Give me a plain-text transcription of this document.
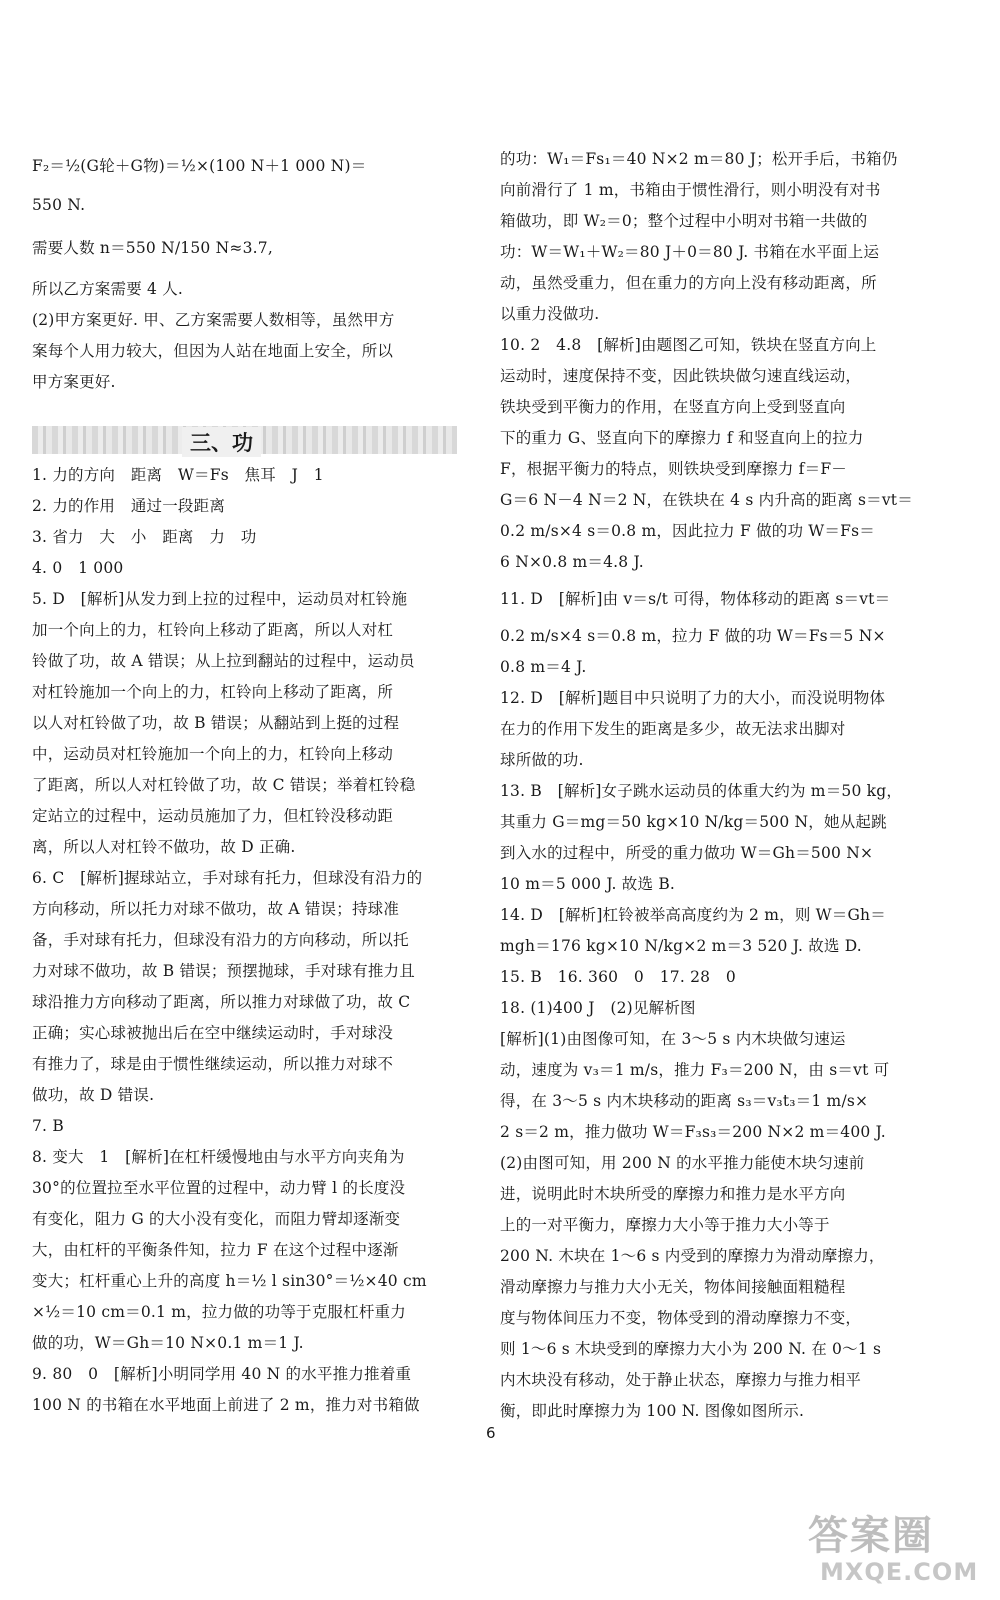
F₂＝½(G轮＋G物)＝½×(100 N＋1 000 N)＝
550 N.
需要人数 n＝550 N/150 N≈3.7,
所以乙方案需要 4 人.
(2)甲方案更好. 甲、乙方案需要人数相等，虽然甲方
案每个人用力较大，但因为人站在地面上安全，所以
甲方案更好.
三、功
1. 力的方向　距离　W＝Fs　焦耳　J　1
2. 力的作用　通过一段距离
3. 省力　大　小　距离　力　功
4. 0　1 000
5. D　[解析]从发力到上拉的过程中，运动员对杠铃施
加一个向上的力，杠铃向上移动了距离，所以人对杠
铃做了功，故 A 错误；从上拉到翻站的过程中，运动员
对杠铃施加一个向上的力，杠铃向上移动了距离，所
以人对杠铃做了功，故 B 错误；从翻站到上挺的过程
中，运动员对杠铃施加一个向上的力，杠铃向上移动
了距离，所以人对杠铃做了功，故 C 错误；举着杠铃稳
定站立的过程中，运动员施加了力，但杠铃没移动距
离，所以人对杠铃不做功，故 D 正确.
6. C　[解析]握球站立，手对球有托力，但球没有沿力的
方向移动，所以托力对球不做功，故 A 错误；持球准
备，手对球有托力，但球没有沿力的方向移动，所以托
力对球不做功，故 B 错误；预摆抛球，手对球有推力且
球沿推力方向移动了距离，所以推力对球做了功，故 C
正确；实心球被抛出后在空中继续运动时，手对球没
有推力了，球是由于惯性继续运动，所以推力对球不
做功，故 D 错误.
7. B
8. 变大　1　[解析]在杠杆缓慢地由与水平方向夹角为
30°的位置拉至水平位置的过程中，动力臂 l 的长度没
有变化，阻力 G 的大小没有变化，而阻力臂却逐渐变
大，由杠杆的平衡条件知，拉力 F 在这个过程中逐渐
变大；杠杆重心上升的高度 h＝½ l sin30°＝½×40 cm
×½＝10 cm＝0.1 m，拉力做的功等于克服杠杆重力
做的功，W＝Gh＝10 N×0.1 m＝1 J.
9. 80　0　[解析]小明同学用 40 N 的水平推力推着重
100 N 的书箱在水平地面上前进了 2 m，推力对书箱做
的功：W₁＝Fs₁＝40 N×2 m＝80 J；松开手后，书箱仍
向前滑行了 1 m，书箱由于惯性滑行，则小明没有对书
箱做功，即 W₂＝0；整个过程中小明对书箱一共做的
功：W＝W₁＋W₂＝80 J＋0＝80 J. 书箱在水平面上运
动，虽然受重力，但在重力的方向上没有移动距离，所
以重力没做功.
10. 2　4.8　[解析]由题图乙可知，铁块在竖直方向上
运动时，速度保持不变，因此铁块做匀速直线运动，
铁块受到平衡力的作用，在竖直方向上受到竖直向
下的重力 G、竖直向下的摩擦力 f 和竖直向上的拉力
F，根据平衡力的特点，则铁块受到摩擦力 f＝F－
G＝6 N－4 N＝2 N，在铁块在 4 s 内升高的距离 s＝vt＝
0.2 m/s×4 s＝0.8 m，因此拉力 F 做的功 W＝Fs＝
6 N×0.8 m＝4.8 J.
11. D　[解析]由 v＝s/t 可得，物体移动的距离 s＝vt＝
0.2 m/s×4 s＝0.8 m，拉力 F 做的功 W＝Fs＝5 N×
0.8 m＝4 J.
12. D　[解析]题目中只说明了力的大小，而没说明物体
在力的作用下发生的距离是多少，故无法求出脚对
球所做的功.
13. B　[解析]女子跳水运动员的体重大约为 m＝50 kg，
其重力 G＝mg＝50 kg×10 N/kg＝500 N，她从起跳
到入水的过程中，所受的重力做功 W＝Gh＝500 N×
10 m＝5 000 J. 故选 B.
14. D　[解析]杠铃被举高高度约为 2 m，则 W＝Gh＝
mgh＝176 kg×10 N/kg×2 m＝3 520 J. 故选 D.
15. B　16. 360　0　17. 28　0
18. (1)400 J　(2)见解析图
[解析](1)由图像可知，在 3～5 s 内木块做匀速运
动，速度为 v₃＝1 m/s，推力 F₃＝200 N，由 s＝vt 可
得，在 3～5 s 内木块移动的距离 s₃＝v₃t₃＝1 m/s×
2 s＝2 m，推力做功 W＝F₃s₃＝200 N×2 m＝400 J.
(2)由图可知，用 200 N 的水平推力能使木块匀速前
进，说明此时木块所受的摩擦力和推力是水平方向
上的一对平衡力，摩擦力大小等于推力大小等于
200 N. 木块在 1～6 s 内受到的摩擦力为滑动摩擦力，
滑动摩擦力与推力大小无关，物体间接触面粗糙程
度与物体间压力不变，物体受到的滑动摩擦力不变，
则 1～6 s 木块受到的摩擦力大小为 200 N. 在 0～1 s
内木块没有移动，处于静止状态，摩擦力与推力相平
衡，即此时摩擦力为 100 N. 图像如图所示.
6
答案圈
MXQE.COM
